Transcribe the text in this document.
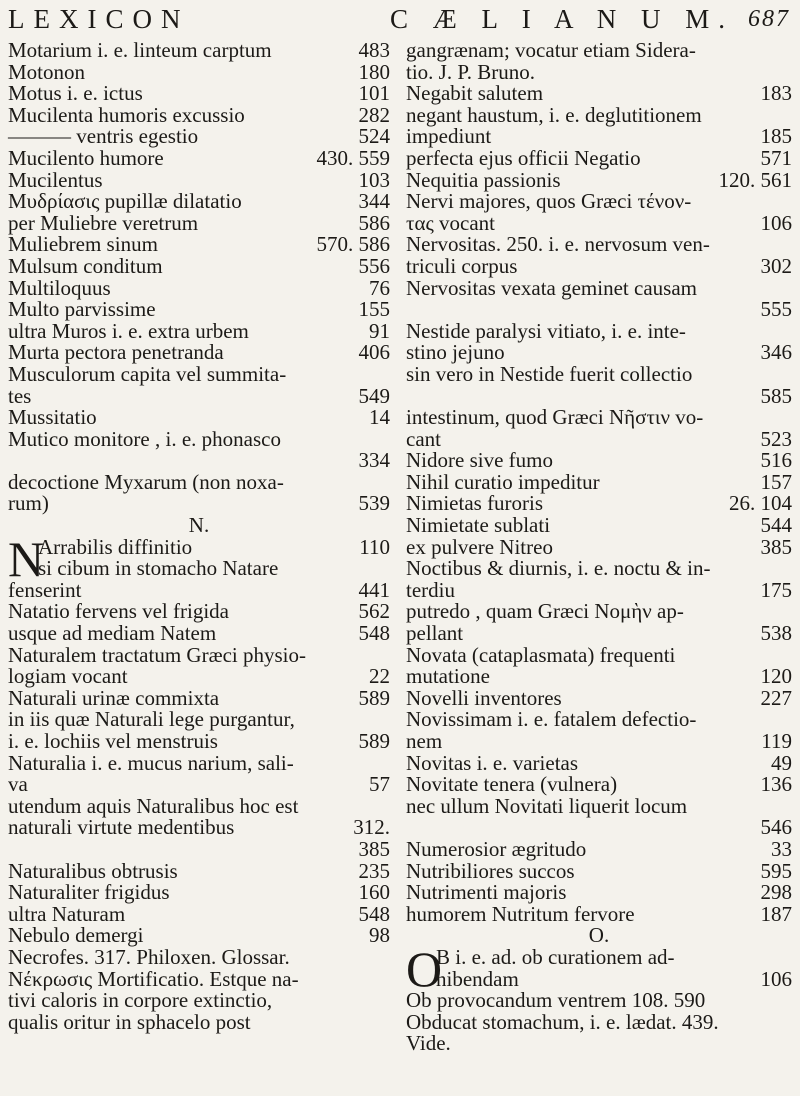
LEXICON	C Æ L I A N U M. 687
Motarium i. e. linteum carptum	483
Motonon	180
Motus i. e. ictus	101
Mucilenta humoris excussio	282
——— ventris egestio	524
Mucilento humore	430. 559
Mucilentus	103
Μυδρίασις pupillæ dilatatio	344
per Muliebre veretrum	586
Muliebrem sinum	570. 586
Mulsum conditum	556
Multiloquus	76
Multo parvissime	155
ultra Muros i. e. extra urbem	91
Murta pectora penetranda	406
Musculorum capita vel summita-
tes	549
Mussitatio	14
Mutico monitore , i. e. phonasco
334
decoctione Myxarum (non noxa-
rum)	539
N.
N
Arrabilis diffinitio	110
si cibum in stomacho Natare
fenserint	441
Natatio fervens vel frigida	562
usque ad mediam Natem	548
Naturalem tractatum Græci physio-
logiam vocant	22
Naturali urinæ commixta	589
in iis quæ Naturali lege purgantur,
i. e. lochiis vel menstruis	589
Naturalia i. e. mucus narium, sali-
va	57
utendum aquis Naturalibus hoc est
naturali virtute medentibus	312.
385
Naturalibus obtrusis	235
Naturaliter frigidus	160
ultra Naturam	548
Nebulo demergi	98
Necrofes. 317. Philoxen. Glossar.
Νέκρωσις Mortificatio. Estque na-
tivi caloris in corpore extinctio,
qualis oritur in sphacelo post
gangrænam; vocatur etiam Sidera-
tio. J. P. Bruno.
Negabit salutem	183
negant haustum, i. e. deglutitionem
impediunt	185
perfecta ejus officii Negatio	571
Nequitia passionis	120. 561
Nervi majores, quos Græci τένον-
τας vocant	106
Nervositas. 250. i. e. nervosum ven-
triculi corpus	302
Nervositas vexata geminet causam
555
Nestide paralysi vitiato, i. e. inte-
stino jejuno	346
sin vero in Nestide fuerit collectio
585
intestinum, quod Græci Νῆστιν vo-
cant	523
Nidore sive fumo	516
Nihil curatio impeditur	157
Nimietas furoris	26. 104
Nimietate sublati	544
ex pulvere Nitreo	385
Noctibus & diurnis, i. e. noctu & in-
terdiu	175
putredo , quam Græci Νομὴν ap-
pellant	538
Novata (cataplasmata) frequenti
mutatione	120
Novelli inventores	227
Novissimam i. e. fatalem defectio-
nem	119
Novitas i. e. varietas	49
Novitate tenera (vulnera)	136
nec ullum Novitati liquerit locum
546
Numerosior ægritudo	33
Nutribiliores succos	595
Nutrimenti majoris	298
humorem Nutritum fervore	187
O.
O
B i. e. ad. ob curationem ad-
hibendam	106
Ob provocandum ventrem 108. 590
Obducat stomachum, i. e. lædat. 439.
Vide.
